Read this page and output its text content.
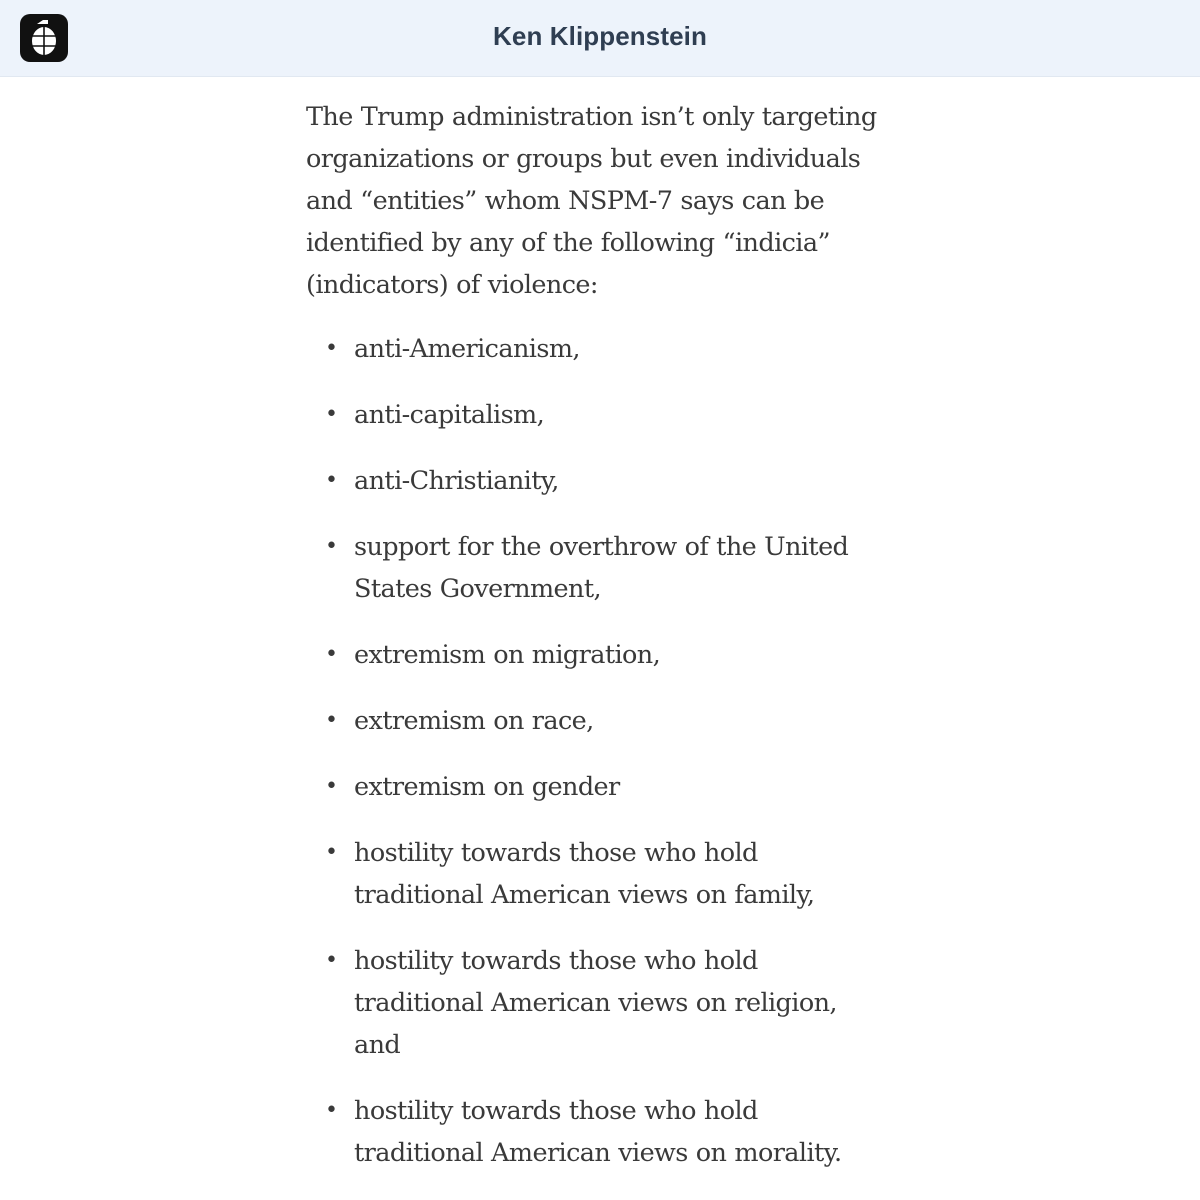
Ken Klippenstein

The Trump administration isn’t only targeting organizations or groups but even individuals and “entities” whom NSPM-7 says can be identified by any of the following “indicia” (indicators) of violence:

• anti-Americanism,
• anti-capitalism,
• anti-Christianity,
• support for the overthrow of the United States Government,
• extremism on migration,
• extremism on race,
• extremism on gender
• hostility towards those who hold traditional American views on family,
• hostility towards those who hold traditional American views on religion, and
• hostility towards those who hold traditional American views on morality.
